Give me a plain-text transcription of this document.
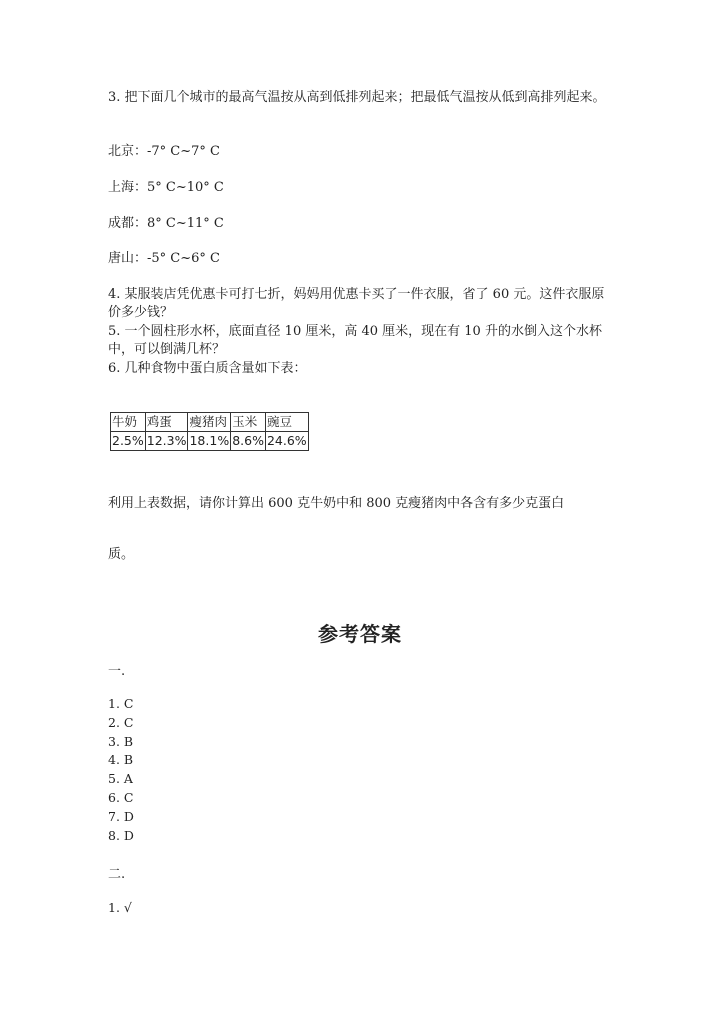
3. 把下面几个城市的最高气温按从高到低排列起来；把最低气温按从低到高排列起来。
北京：-7° C~7° C
上海：5° C~10° C
成都：8° C~11° C
唐山：-5° C~6° C
4. 某服装店凭优惠卡可打七折，妈妈用优惠卡买了一件衣服，省了 60 元。这件衣服原价多少钱？
5. 一个圆柱形水杯，底面直径 10 厘米，高 40 厘米，现在有 10 升的水倒入这个水杯中，可以倒满几杯？
6. 几种食物中蛋白质含量如下表：
牛奶	鸡蛋	瘦猪肉	玉米	豌豆
2.5%	12.3%	18.1%	8.6%	24.6%
利用上表数据，请你计算出 600 克牛奶中和 800 克瘦猪肉中各含有多少克蛋白
质。
参考答案
一.
1. C
2. C
3. B
4. B
5. A
6. C
7. D
8. D
二.
1. √
